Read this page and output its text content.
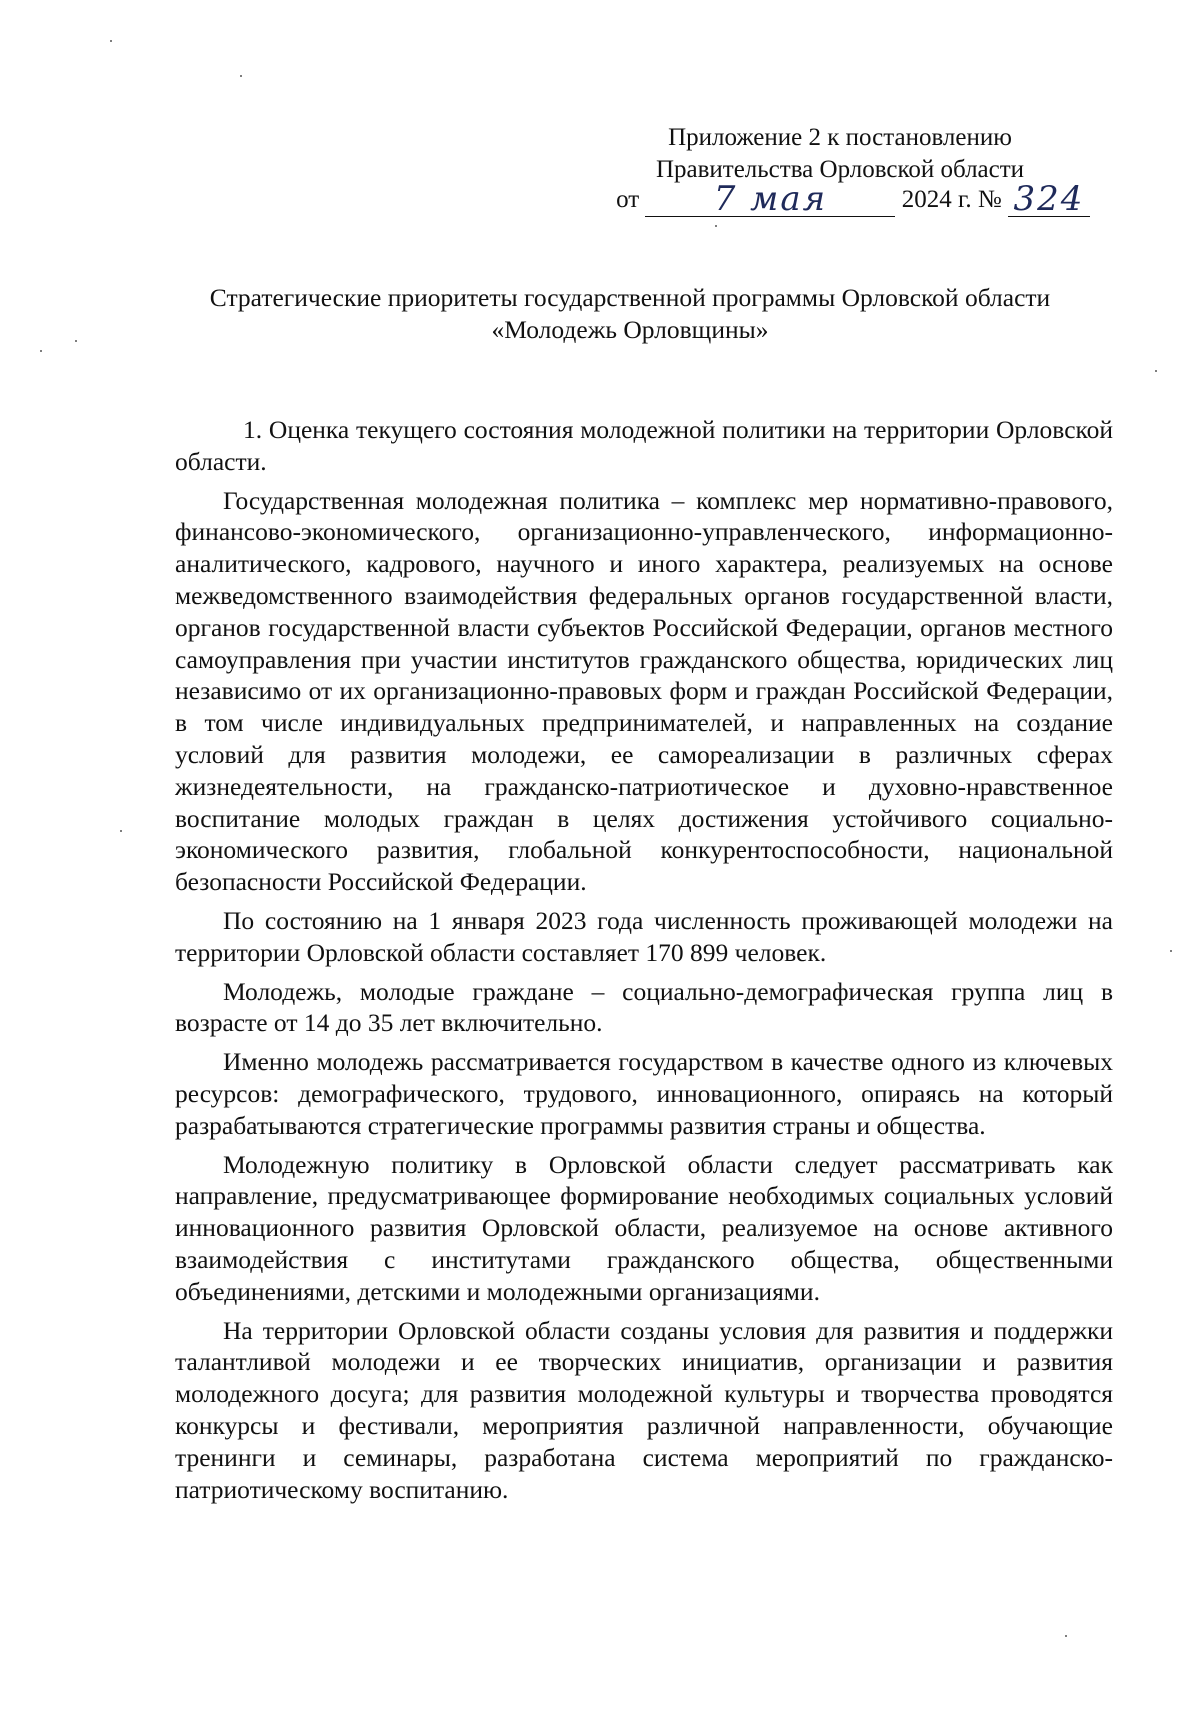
Приложение 2 к постановлению
Правительства Орловской области
от	7 мая	2024 г. № 324

Стратегические приоритеты государственной программы Орловской области
«Молодежь Орловщины»

1. Оценка текущего состояния молодежной политики на территории Орловской области.

Государственная молодежная политика – комплекс мер нормативно-правового, финансово-экономического, организационно-управленческого, информационно-аналитического, кадрового, научного и иного характера, реализуемых на основе межведомственного взаимодействия федеральных органов государственной власти, органов государственной власти субъектов Российской Федерации, органов местного самоуправления при участии институтов гражданского общества, юридических лиц независимо от их организационно-правовых форм и граждан Российской Федерации, в том числе индивидуальных предпринимателей, и направленных на создание условий для развития молодежи, ее самореализации в различных сферах жизнедеятельности, на гражданско-патриотическое и духовно-нравственное воспитание молодых граждан в целях достижения устойчивого социально-экономического развития, глобальной конкурентоспособности, национальной безопасности Российской Федерации.

По состоянию на 1 января 2023 года численность проживающей молодежи на территории Орловской области составляет 170 899 человек.

Молодежь, молодые граждане – социально-демографическая группа лиц в возрасте от 14 до 35 лет включительно.

Именно молодежь рассматривается государством в качестве одного из ключевых ресурсов: демографического, трудового, инновационного, опираясь на который разрабатываются стратегические программы развития страны и общества.

Молодежную политику в Орловской области следует рассматривать как направление, предусматривающее формирование необходимых социальных условий инновационного развития Орловской области, реализуемое на основе активного взаимодействия с институтами гражданского общества, общественными объединениями, детскими и молодежными организациями.

На территории Орловской области созданы условия для развития и поддержки талантливой молодежи и ее творческих инициатив, организации и развития молодежного досуга; для развития молодежной культуры и творчества проводятся конкурсы и фестивали, мероприятия различной направленности, обучающие тренинги и семинары, разработана система мероприятий по гражданско-патриотическому воспитанию.
